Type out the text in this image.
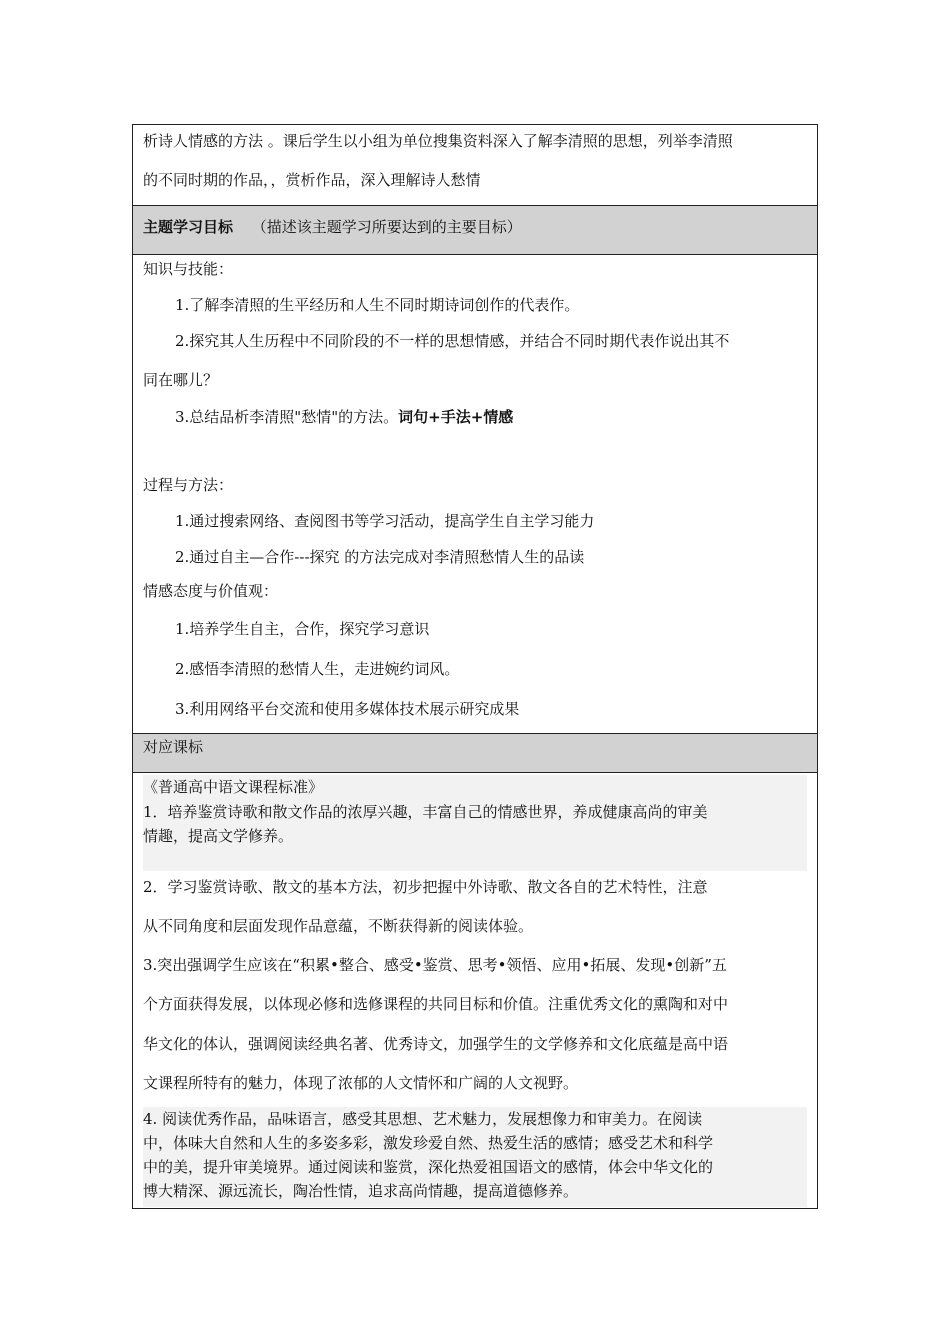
析诗人情感的方法 。课后学生以小组为单位搜集资料深入了解李清照的思想，列举李清照
的不同时期的作品，，赏析作品，深入理解诗人愁情
主题学习目标 （描述该主题学习所要达到的主要目标）
知识与技能：
1.了解李清照的生平经历和人生不同时期诗词创作的代表作。
2.探究其人生历程中不同阶段的不一样的思想情感，并结合不同时期代表作说出其不
同在哪儿？
3.总结品析李清照"愁情"的方法。词句+手法+情感
过程与方法：
1.通过搜索网络、查阅图书等学习活动，提高学生自主学习能力
2.通过自主—合作---探究 的方法完成对李清照愁情人生的品读
情感态度与价值观：
1.培养学生自主，合作，探究学习意识
2.感悟李清照的愁情人生，走进婉约词风。
3.利用网络平台交流和使用多媒体技术展示研究成果
对应课标
《普通高中语文课程标准》
1．培养鉴赏诗歌和散文作品的浓厚兴趣，丰富自己的情感世界，养成健康高尚的审美
情趣，提高文学修养。
2．学习鉴赏诗歌、散文的基本方法，初步把握中外诗歌、散文各自的艺术特性，注意
从不同角度和层面发现作品意蕴，不断获得新的阅读体验。
3.突出强调学生应该在“积累•整合、感受•鉴赏、思考•领悟、应用•拓展、发现•创新”五
个方面获得发展，以体现必修和选修课程的共同目标和价值。注重优秀文化的熏陶和对中
华文化的体认，强调阅读经典名著、优秀诗文，加强学生的文学修养和文化底蕴是高中语
文课程所特有的魅力，体现了浓郁的人文情怀和广阔的人文视野。
4. 阅读优秀作品，品味语言，感受其思想、艺术魅力，发展想像力和审美力。在阅读
中，体味大自然和人生的多姿多彩，激发珍爱自然、热爱生活的感情；感受艺术和科学
中的美，提升审美境界。通过阅读和鉴赏，深化热爱祖国语文的感情，体会中华文化的
博大精深、源远流长，陶冶性情，追求高尚情趣，提高道德修养。
